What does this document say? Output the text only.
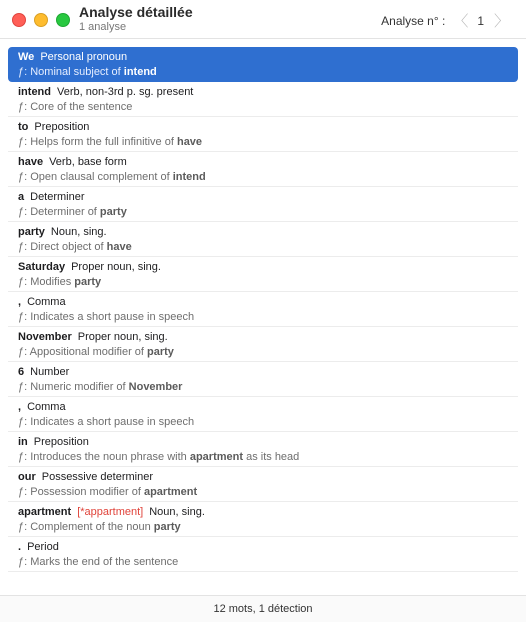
Analyse détaillée
1 analyse	Analyse n° : 〈 1 〉
We Personal pronoun
ƒ: Nominal subject of intend
intend Verb, non-3rd p. sg. present
ƒ: Core of the sentence
to Preposition
ƒ: Helps form the full infinitive of have
have Verb, base form
ƒ: Open clausal complement of intend
a Determiner
ƒ: Determiner of party
party Noun, sing.
ƒ: Direct object of have
Saturday Proper noun, sing.
ƒ: Modifies party
, Comma
ƒ: Indicates a short pause in speech
November Proper noun, sing.
ƒ: Appositional modifier of party
6 Number
ƒ: Numeric modifier of November
, Comma
ƒ: Indicates a short pause in speech
in Preposition
ƒ: Introduces the noun phrase with apartment as its head
our Possessive determiner
ƒ: Possession modifier of apartment
apartment [*appartment] Noun, sing.
ƒ: Complement of the noun party
. Period
ƒ: Marks the end of the sentence
12 mots, 1 détection
